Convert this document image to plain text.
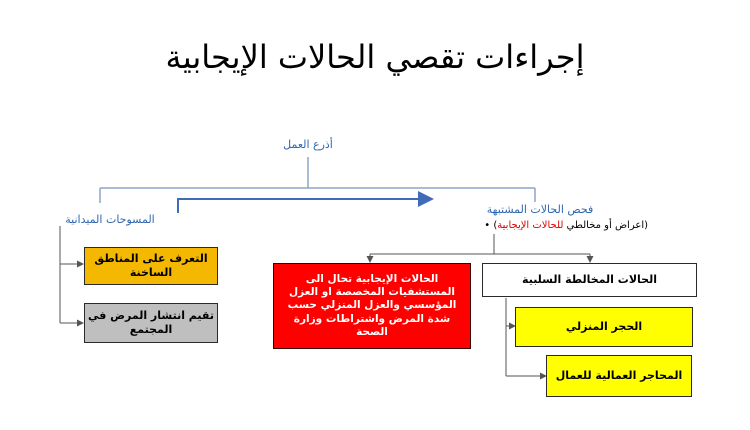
إجراءات تقصي الحالات الإيجابية
أذرع العمل
المسوحات الميدانية
فحص الحالات المشتبهة
(اعراض أو مخالطي للحالات الإيجابية) •
التعرف على المناطق الساخنة
تقيم انتشار المرض في المجتمع
الحالات الإيجابية تحال الى المستشفيات المخصصة او العزل المؤسسي والعزل المنزلي حسب شدة المرض واشتراطات وزارة الصحة
الحالات المخالطة السلبية
الحجر المنزلي
المحاجر العمالية للعمال
